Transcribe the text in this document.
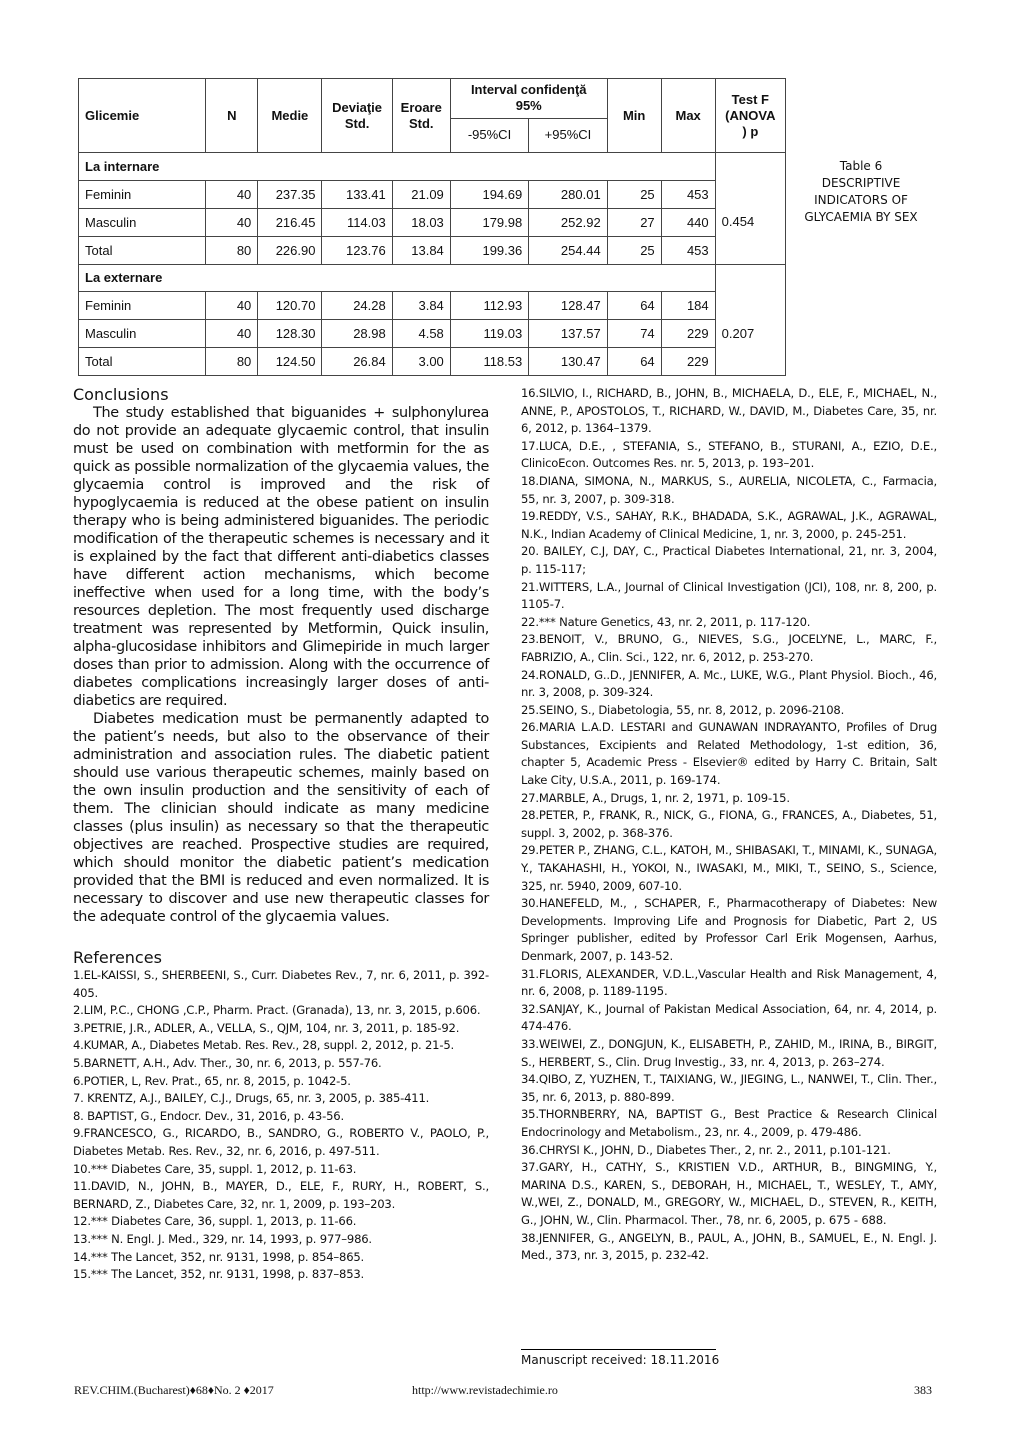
Glicemie	N	Medie	Deviaţie Std.	Eroare Std.	Interval confidenţă 95%		Min	Max	Test F (ANOVA ) p
					-95%CI	+95%CI			
La internare									
Feminin	40	237.35	133.41	21.09	194.69	280.01	25	453	0.454
Masculin	40	216.45	114.03	18.03	179.98	252.92	27	440	
Total	80	226.90	123.76	13.84	199.36	254.44	25	453	
La externare									
Feminin	40	120.70	24.28	3.84	112.93	128.47	64	184	0.207
Masculin	40	128.30	28.98	4.58	119.03	137.57	74	229	
Total	80	124.50	26.84	3.00	118.53	130.47	64	229	
Table 6
DESCRIPTIVE INDICATORS OF GLYCAEMIA BY SEX
Conclusions

The study established that biguanides + sulphonylurea do not provide an adequate glycaemic control, that insulin must be used on combination with metformin for the as quick as possible normalization of the glycaemia values, the glycaemia control is improved and the risk of hypoglycaemia is reduced at the obese patient on insulin therapy who is being administered biguanides. The periodic modification of the therapeutic schemes is necessary and it is explained by the fact that different anti-diabetics classes have different action mechanisms, which become ineffective when used for a long time, with the body’s resources depletion. The most frequently used discharge treatment was represented by Metformin, Quick insulin, alpha-glucosidase inhibitors and Glimepiride in much larger doses than prior to admission. Along with the occurrence of diabetes complications increasingly larger doses of anti-diabetics are required.

Diabetes medication must be permanently adapted to the patient’s needs, but also to the observance of their administration and association rules. The diabetic patient should use various therapeutic schemes, mainly based on the own insulin production and the sensitivity of each of them. The clinician should indicate as many medicine classes (plus insulin) as necessary so that the therapeutic objectives are reached. Prospective studies are required, which should monitor the diabetic patient’s medication provided that the BMI is reduced and even normalized. It is necessary to discover and use new therapeutic classes for the adequate control of the glycaemia values.

References
1.EL-KAISSI, S., SHERBEENI, S., Curr. Diabetes Rev., 7, nr. 6, 2011, p. 392-405.
2.LIM, P.C., CHONG ,C.P., Pharm. Pract. (Granada), 13, nr. 3, 2015, p.606.
3.PETRIE, J.R., ADLER, A., VELLA, S., QJM, 104, nr. 3, 2011, p. 185-92.
4.KUMAR, A., Diabetes Metab. Res. Rev., 28, suppl. 2, 2012, p. 21-5.
5.BARNETT, A.H., Adv. Ther., 30, nr. 6, 2013, p. 557-76.
6.POTIER, L, Rev. Prat., 65, nr. 8, 2015, p. 1042-5.
7. KRENTZ, A.J., BAILEY, C.J., Drugs, 65, nr. 3, 2005, p. 385-411.
8. BAPTIST, G., Endocr. Dev., 31, 2016, p. 43-56.
9.FRANCESCO, G., RICARDO, B., SANDRO, G., ROBERTO V., PAOLO, P., Diabetes Metab. Res. Rev., 32, nr. 6, 2016, p. 497-511.
10.*** Diabetes Care, 35, suppl. 1, 2012, p. 11-63.
11.DAVID, N., JOHN, B., MAYER, D., ELE, F., RURY, H., ROBERT, S., BERNARD, Z., Diabetes Care, 32, nr. 1, 2009, p. 193–203.
12.*** Diabetes Care, 36, suppl. 1, 2013, p. 11-66.
13.*** N. Engl. J. Med., 329, nr. 14, 1993, p. 977–986.
14.*** The Lancet, 352, nr. 9131, 1998, p. 854–865.
15.*** The Lancet, 352, nr. 9131, 1998, p. 837–853.
16.SILVIO, I., RICHARD, B., JOHN, B., MICHAELA, D., ELE, F., MICHAEL, N., ANNE, P., APOSTOLOS, T., RICHARD, W., DAVID, M., Diabetes Care, 35, nr. 6, 2012, p. 1364–1379.
17.LUCA, D.E., , STEFANIA, S., STEFANO, B., STURANI, A., EZIO, D.E., ClinicoEcon. Outcomes Res. nr. 5, 2013, p. 193–201.
18.DIANA, SIMONA, N., MARKUS, S., AURELIA, NICOLETA, C., Farmacia, 55, nr. 3, 2007, p. 309-318.
19.REDDY, V.S., SAHAY, R.K., BHADADA, S.K., AGRAWAL, J.K., AGRAWAL, N.K., Indian Academy of Clinical Medicine, 1, nr. 3, 2000, p. 245-251.
20. BAILEY, C.J, DAY, C., Practical Diabetes International, 21, nr. 3, 2004, p. 115-117;
21.WITTERS, L.A., Journal of Clinical Investigation (JCI), 108, nr. 8, 200, p. 1105-7.
22.*** Nature Genetics, 43, nr. 2, 2011, p. 117-120.
23.BENOIT, V., BRUNO, G., NIEVES, S.G., JOCELYNE, L., MARC, F., FABRIZIO, A., Clin. Sci., 122, nr. 6, 2012, p. 253-270.
24.RONALD, G..D., JENNIFER, A. Mc., LUKE, W.G., Plant Physiol. Bioch., 46, nr. 3, 2008, p. 309-324.
25.SEINO, S., Diabetologia, 55, nr. 8, 2012, p. 2096-2108.
26.MARIA L.A.D. LESTARI and GUNAWAN INDRAYANTO, Profiles of Drug Substances, Excipients and Related Methodology, 1-st edition, 36, chapter 5, Academic Press - Elsevier® edited by Harry C. Britain, Salt Lake City, U.S.A., 2011, p. 169-174.
27.MARBLE, A., Drugs, 1, nr. 2, 1971, p. 109-15.
28.PETER, P., FRANK, R., NICK, G., FIONA, G., FRANCES, A., Diabetes, 51, suppl. 3, 2002, p. 368-376.
29.PETER P., ZHANG, C.L., KATOH, M., SHIBASAKI, T., MINAMI, K., SUNAGA, Y., TAKAHASHI, H., YOKOI, N., IWASAKI, M., MIKI, T., SEINO, S., Science, 325, nr. 5940, 2009, 607-10.
30.HANEFELD, M., , SCHAPER, F., Pharmacotherapy of Diabetes: New Developments. Improving Life and Prognosis for Diabetic, Part 2, US Springer publisher, edited by Professor Carl Erik Mogensen, Aarhus, Denmark, 2007, p. 143-52.
31.FLORIS, ALEXANDER, V.D.L.,Vascular Health and Risk Management, 4, nr. 6, 2008, p. 1189-1195.
32.SANJAY, K., Journal of Pakistan Medical Association, 64, nr. 4, 2014, p. 474-476.
33.WEIWEI, Z., DONGJUN, K., ELISABETH, P., ZAHID, M., IRINA, B., BIRGIT, S., HERBERT, S., Clin. Drug Investig., 33, nr. 4, 2013, p. 263–274.
34.QIBO, Z, YUZHEN, T., TAIXIANG, W., JIEGING, L., NANWEI, T., Clin. Ther., 35, nr. 6, 2013, p. 880-899.
35.THORNBERRY, NA, BAPTIST G., Best Practice & Research Clinical Endocrinology and Metabolism., 23, nr. 4., 2009, p. 479-486.
36.CHRYSI K., JOHN, D., Diabetes Ther., 2, nr. 2., 2011, p.101-121.
37.GARY, H., CATHY, S., KRISTIEN V.D., ARTHUR, B., BINGMING, Y., MARINA D.S., KAREN, S., DEBORAH, H., MICHAEL, T., WESLEY, T., AMY, W.,WEI, Z., DONALD, M., GREGORY, W., MICHAEL, D., STEVEN, R., KEITH, G., JOHN, W., Clin. Pharmacol. Ther., 78, nr. 6, 2005, p. 675 - 688.
38.JENNIFER, G., ANGELYN, B., PAUL, A., JOHN, B., SAMUEL, E., N. Engl. J. Med., 373, nr. 3, 2015, p. 232-42.
Manuscript received: 18.11.2016
REV.CHIM.(Bucharest)♦68♦No. 2 ♦2017	http://www.revistadechimie.ro	383
